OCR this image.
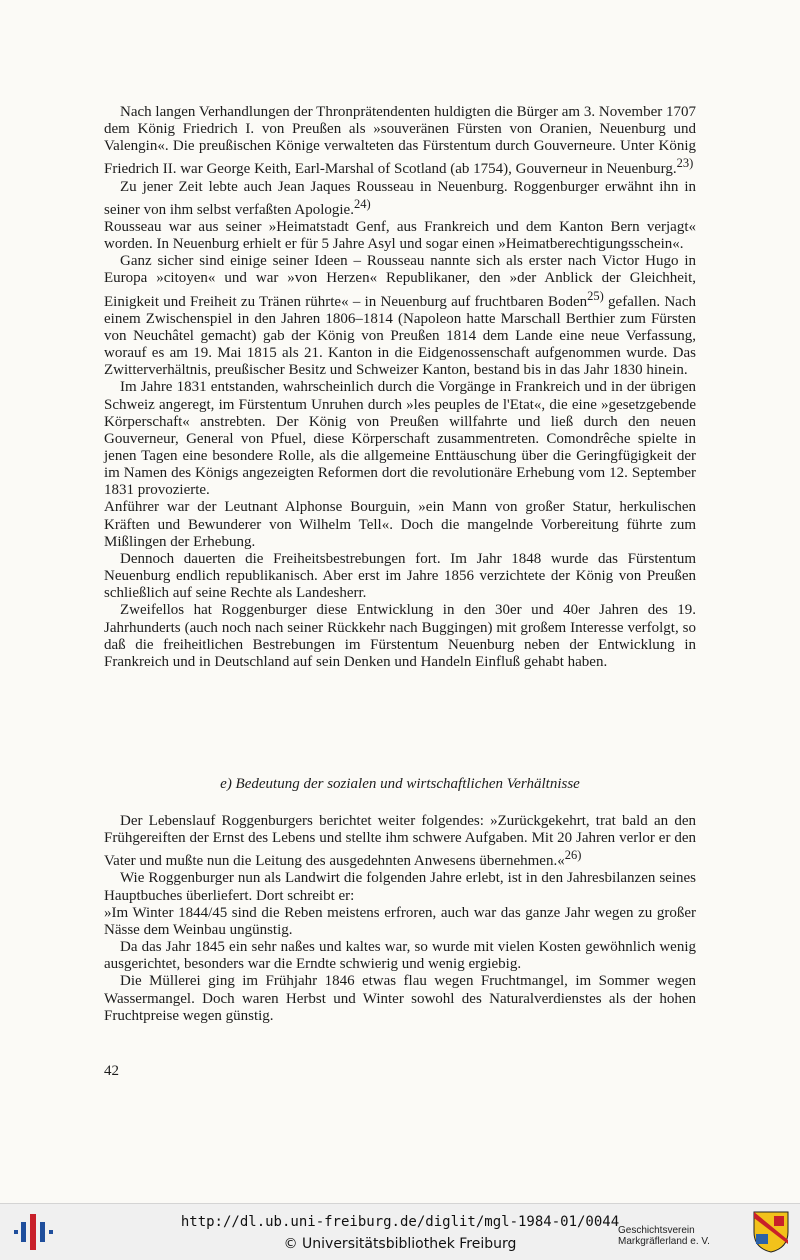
Nach langen Verhandlungen der Thronprätendenten huldigten die Bürger am 3. November 1707 dem König Friedrich I. von Preußen als »souveränen Fürsten von Oranien, Neuenburg und Valengin«. Die preußischen Könige verwalteten das Fürstentum durch Gouverneure. Unter König Friedrich II. war George Keith, Earl-Marshal of Scotland (ab 1754), Gouverneur in Neuenburg.$^{23)}$

Zu jener Zeit lebte auch Jean Jaques Rousseau in Neuenburg. Roggenburger erwähnt ihn in seiner von ihm selbst verfaßten Apologie.$^{24)}$

Rousseau war aus seiner »Heimatstadt Genf, aus Frankreich und dem Kanton Bern verjagt« worden. In Neuenburg erhielt er für 5 Jahre Asyl und sogar einen »Heimatberechtigungsschein«.

Ganz sicher sind einige seiner Ideen – Rousseau nannte sich als erster nach Victor Hugo in Europa »citoyen« und war »von Herzen« Republikaner, den »der Anblick der Gleichheit, Einigkeit und Freiheit zu Tränen rührte« – in Neuenburg auf fruchtbaren Boden$^{25)}$ gefallen. Nach einem Zwischenspiel in den Jahren 1806–1814 (Napoleon hatte Marschall Berthier zum Fürsten von Neuchâtel gemacht) gab der König von Preußen 1814 dem Lande eine neue Verfassung, worauf es am 19. Mai 1815 als 21. Kanton in die Eidgenossenschaft aufgenommen wurde. Das Zwitterverhältnis, preußischer Besitz und Schweizer Kanton, bestand bis in das Jahr 1830 hinein.

Im Jahre 1831 entstanden, wahrscheinlich durch die Vorgänge in Frankreich und in der übrigen Schweiz angeregt, im Fürstentum Unruhen durch »les peuples de l'Etat«, die eine »gesetzgebende Körperschaft« anstrebten. Der König von Preußen willfahrte und ließ durch den neuen Gouverneur, General von Pfuel, diese Körperschaft zusammentreten. Comondrêche spielte in jenen Tagen eine besondere Rolle, als die allgemeine Enttäuschung über die Geringfügigkeit der im Namen des Königs angezeigten Reformen dort die revolutionäre Erhebung vom 12. September 1831 provozierte.

Anführer war der Leutnant Alphonse Bourguin, »ein Mann von großer Statur, herkulischen Kräften und Bewunderer von Wilhelm Tell«. Doch die mangelnde Vorbereitung führte zum Mißlingen der Erhebung.

Dennoch dauerten die Freiheitsbestrebungen fort. Im Jahr 1848 wurde das Fürstentum Neuenburg endlich republikanisch. Aber erst im Jahre 1856 verzichtete der König von Preußen schließlich auf seine Rechte als Landesherr.

Zweifellos hat Roggenburger diese Entwicklung in den 30er und 40er Jahren des 19. Jahrhunderts (auch noch nach seiner Rückkehr nach Buggingen) mit großem Interesse verfolgt, so daß die freiheitlichen Bestrebungen im Fürstentum Neuenburg neben der Entwicklung in Frankreich und in Deutschland auf sein Denken und Handeln Einfluß gehabt haben.

e) Bedeutung der sozialen und wirtschaftlichen Verhältnisse

Der Lebenslauf Roggenburgers berichtet weiter folgendes: »Zurückgekehrt, trat bald an den Frühgereiften der Ernst des Lebens und stellte ihm schwere Aufgaben. Mit 20 Jahren verlor er den Vater und mußte nun die Leitung des ausgedehnten Anwesens übernehmen.«$^{26)}$

Wie Roggenburger nun als Landwirt die folgenden Jahre erlebt, ist in den Jahresbilanzen seines Hauptbuches überliefert. Dort schreibt er:

»Im Winter 1844/45 sind die Reben meistens erfroren, auch war das ganze Jahr wegen zu großer Nässe dem Weinbau ungünstig.

Da das Jahr 1845 ein sehr naßes und kaltes war, so wurde mit vielen Kosten gewöhnlich wenig ausgerichtet, besonders war die Erndte schwierig und wenig ergiebig.

Die Müllerei ging im Frühjahr 1846 etwas flau wegen Fruchtmangel, im Sommer wegen Wassermangel. Doch waren Herbst und Winter sowohl des Naturalverdienstes als der hohen Fruchtpreise wegen günstig.

42
http://dl.ub.uni-freiburg.de/diglit/mgl-1984-01/0044
© Universitätsbibliothek Freiburg
Geschichtsverein
Markgräflerland e. V.
